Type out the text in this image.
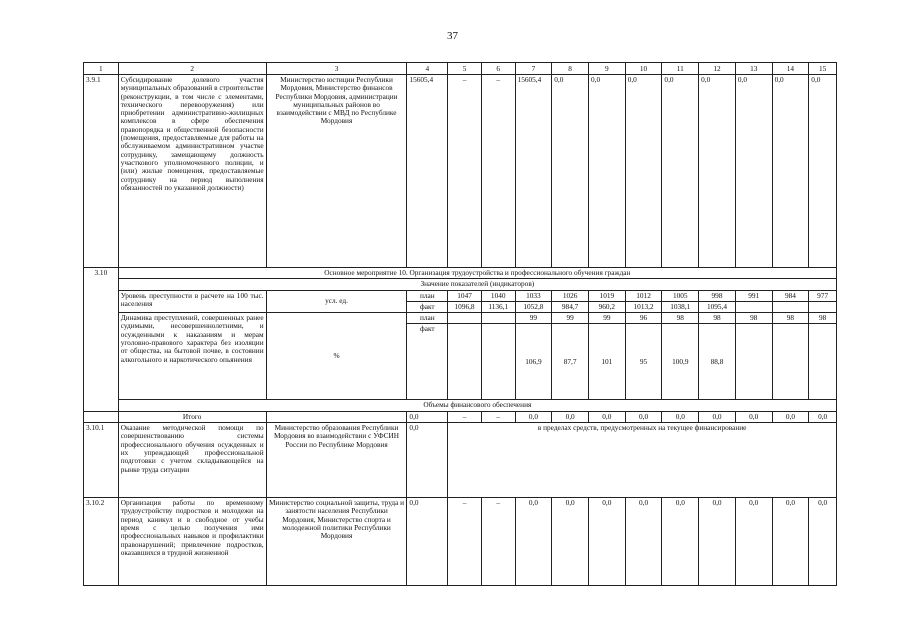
37
1	2	3	4	5	6	7	8	9	10	11	12	13	14	15
3.9.1	Субсидирование долевого участия муниципальных образований в строительстве (реконструкции, в том числе с элементами, технического перевооружения) или приобретении административно-жилищных комплексов в сфере обеспечения правопорядка и общественной безопасности (помещения, предоставляемые для работы на обслуживаемом административном участке сотруднику, замещающему должность участкового уполномоченного полиции, и (или) жилые помещения, предоставляемые сотруднику на период выполнения обязанностей по указанной должности)	Министерство юстиции Республики Мордовия, Министерство финансов Республики Мордовия, администрации муниципальных районов во взаимодействии с МВД по Республике Мордовия	15605,4	–	–	15605,4	0,0	0,0	0,0	0,0	0,0	0,0	0,0	0,0
3.10	Основное мероприятие 10. Организация трудоустройства и профессионального обучения граждан													
	Значение показателей (индикаторов)													
	Уровень преступности в расчете на 100 тыс. населения	усл. ед.	план	1047	1040	1033	1026	1019	1012	1005	998	991	984	977
			факт	1096,8	1136,1	1052,8	984,7	960,2	1013,2	1038,1	1095,4			
	Динамика преступлений, совершенных ранее судимыми, несовершеннолетними, и осужденными к наказаниям и мерам уголовно-правового характера без изоляции от общества, на бытовой почве, в состоянии алкогольного и наркотического опьянения	%	план			99	99	99	96	98	98	98	98	98
			факт			106,9	87,7	101	95	100,9	88,8			
	Объемы финансового обеспечения													
	Итого		0,0	–	–	0,0	0,0	0,0	0,0	0,0	0,0	0,0	0,0	0,0
3.10.1	Оказание методической помощи по совершенствованию системы профессионального обучения осужденных и их упреждающей профессиональной подготовки с учетом складывающейся на рынке труда ситуации	Министерство образования Республики Мордовия во взаимодействии с УФСИН России по Республике Мордовия	0,0	в пределах средств, предусмотренных на текущее финансирование										
3.10.2	Организация работы по временному трудоустройству подростков и молодежи на период каникул и в свободное от учебы время с целью получения ими профессиональных навыков и профилактики правонарушений; привлечение подростков, оказавшихся в трудной жизненной	Министерство социальной защиты, труда и занятости населения Республики Мордовия, Министерство спорта и молодежной политики Республики Мордовия	0,0	–	–	0,0	0,0	0,0	0,0	0,0	0,0	0,0	0,0	0,0
